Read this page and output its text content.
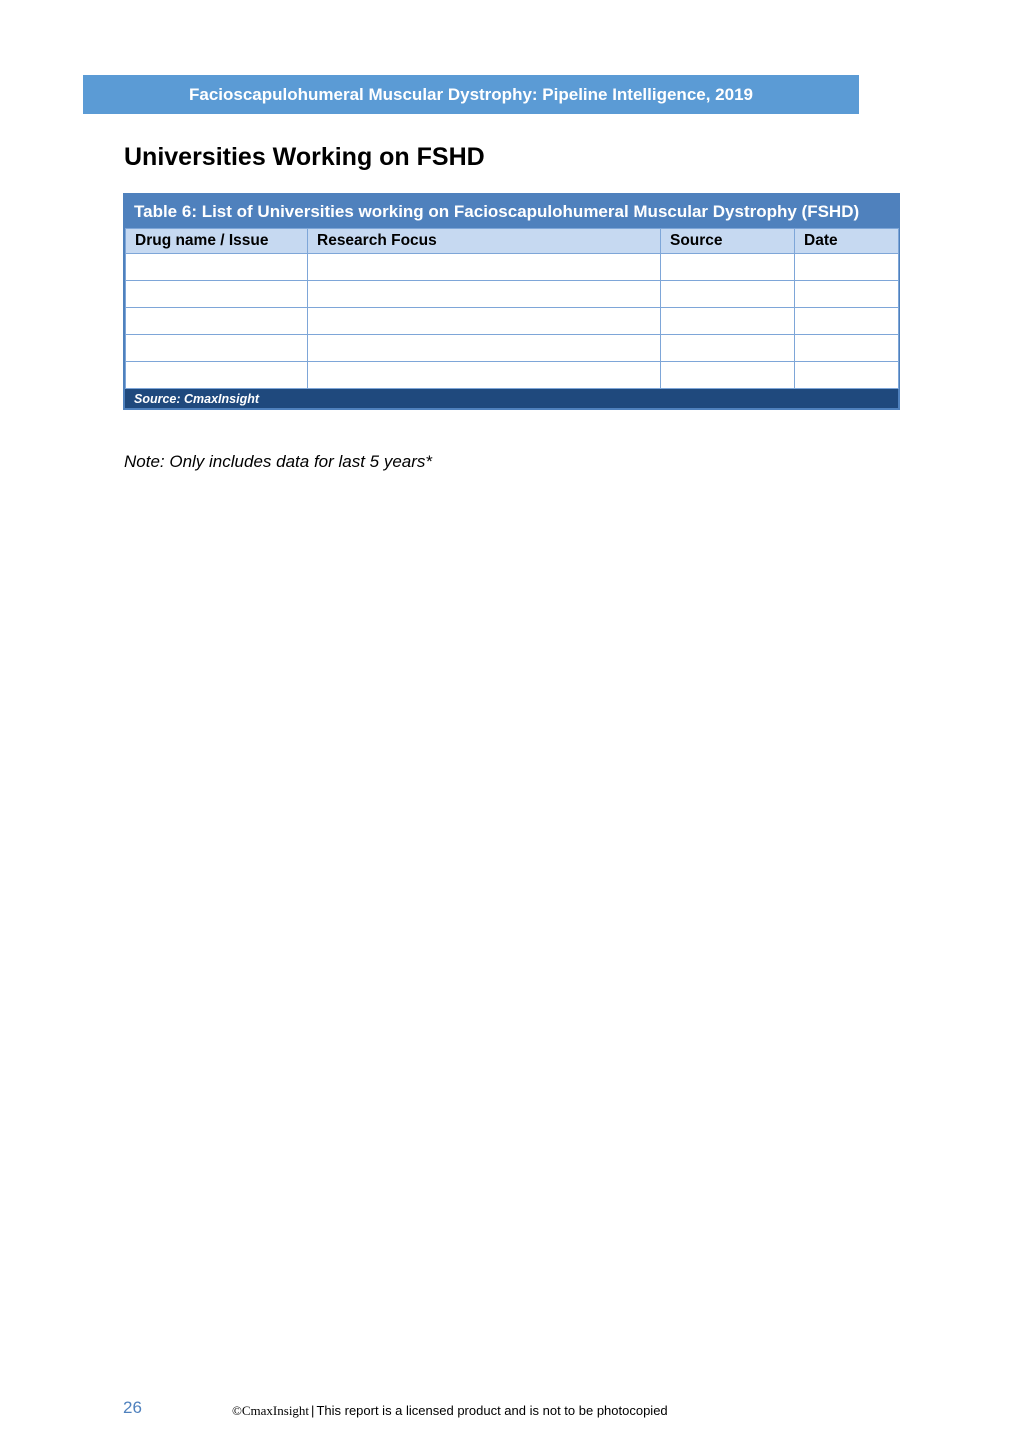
Facioscapulohumeral Muscular Dystrophy: Pipeline Intelligence, 2019
Universities Working on FSHD
Table 6: List of Universities working on Facioscapulohumeral Muscular Dystrophy (FSHD)
Drug name / Issue	Research Focus	Source	Date

Source: CmaxInsight
Note: Only includes data for last 5 years*
26	©CmaxInsight | This report is a licensed product and is not to be photocopied
